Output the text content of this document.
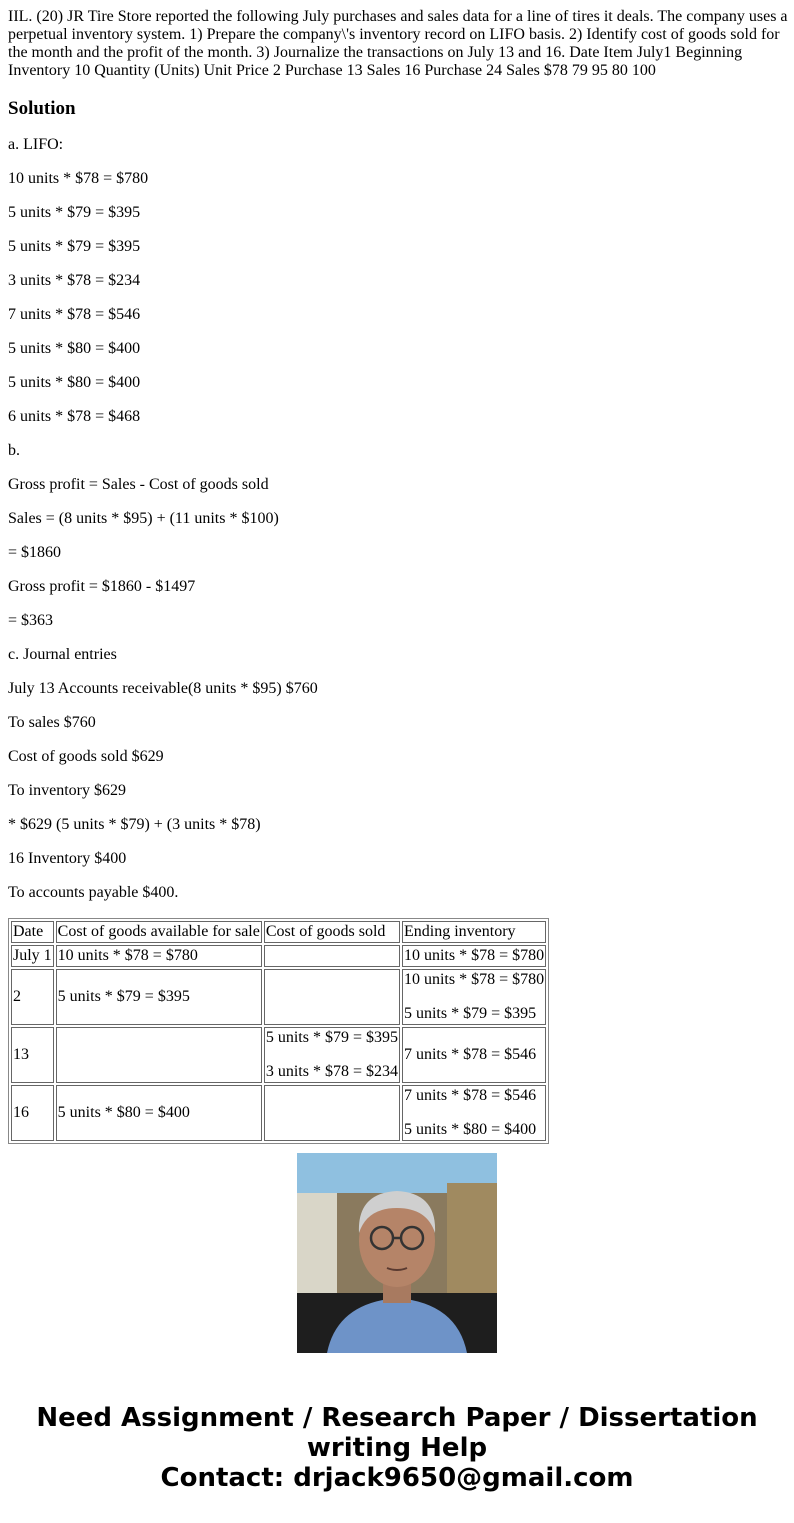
IIL. (20) JR Tire Store reported the following July purchases and sales data for a line of tires it deals. The company uses a perpetual inventory system. 1) Prepare the company\'s inventory record on LIFO basis. 2) Identify cost of goods sold for the month and the profit of the month. 3) Journalize the transactions on July 13 and 16. Date Item July1 Beginning Inventory 10 Quantity (Units) Unit Price 2 Purchase 13 Sales 16 Purchase 24 Sales $78 79 95 80 100

Solution

a. LIFO:

10 units * $78 = $780

5 units * $79 = $395

5 units * $79 = $395

3 units * $78 = $234

7 units * $78 = $546

5 units * $80 = $400

5 units * $80 = $400

6 units * $78 = $468

b.

Gross profit = Sales - Cost of goods sold

Sales = (8 units * $95) + (11 units * $100)

= $1860

Gross profit = $1860 - $1497

= $363

c. Journal entries

July 13 Accounts receivable(8 units * $95) $760

To sales $760

Cost of goods sold $629

To inventory $629

* $629 (5 units * $79) + (3 units * $78)

16 Inventory $400

To accounts payable $400.

Date	Cost of goods available for sale	Cost of goods sold	Ending inventory
July 1	10 units * $78 = $780		10 units * $78 = $780

2	5 units * $79 = $395		10 units * $78 = $780

5 units * $79 = $395

13		5 units * $79 = $395

3 units * $78 = $234	7 units * $78 = $546

16	5 units * $80 = $400		7 units * $78 = $546

5 units * $80 = $400

Need Assignment / Research Paper / Dissertation
writing Help
Contact: drjack9650@gmail.com
